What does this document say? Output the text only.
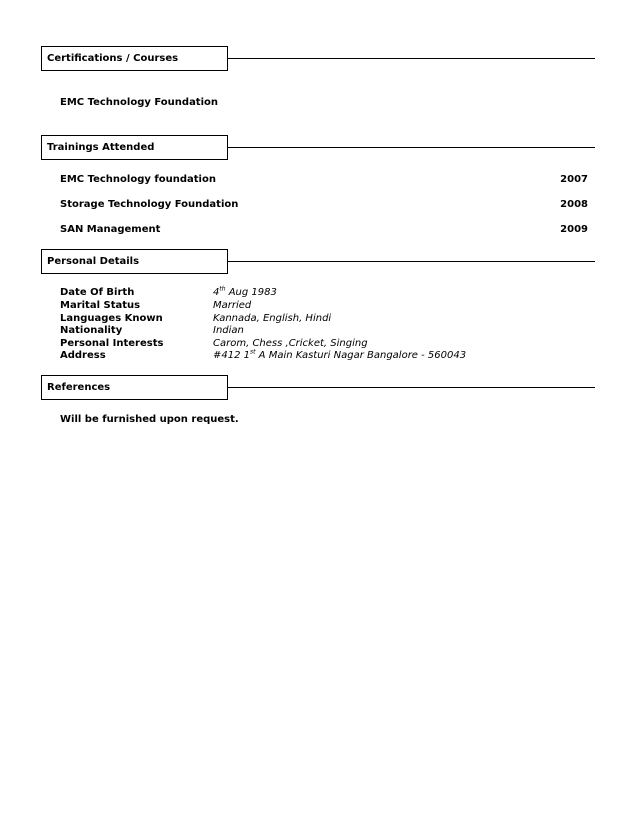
Certifications / Courses
EMC Technology Foundation
Trainings Attended
EMC Technology foundation	2007
Storage Technology Foundation	2008
SAN Management	2009
Personal Details
Date Of Birth	4th Aug 1983
Marital Status	Married
Languages Known	Kannada, English, Hindi
Nationality	Indian
Personal Interests	Carom, Chess ,Cricket, Singing
Address	#412 1st A Main Kasturi Nagar Bangalore - 560043
References
Will be furnished upon request.
